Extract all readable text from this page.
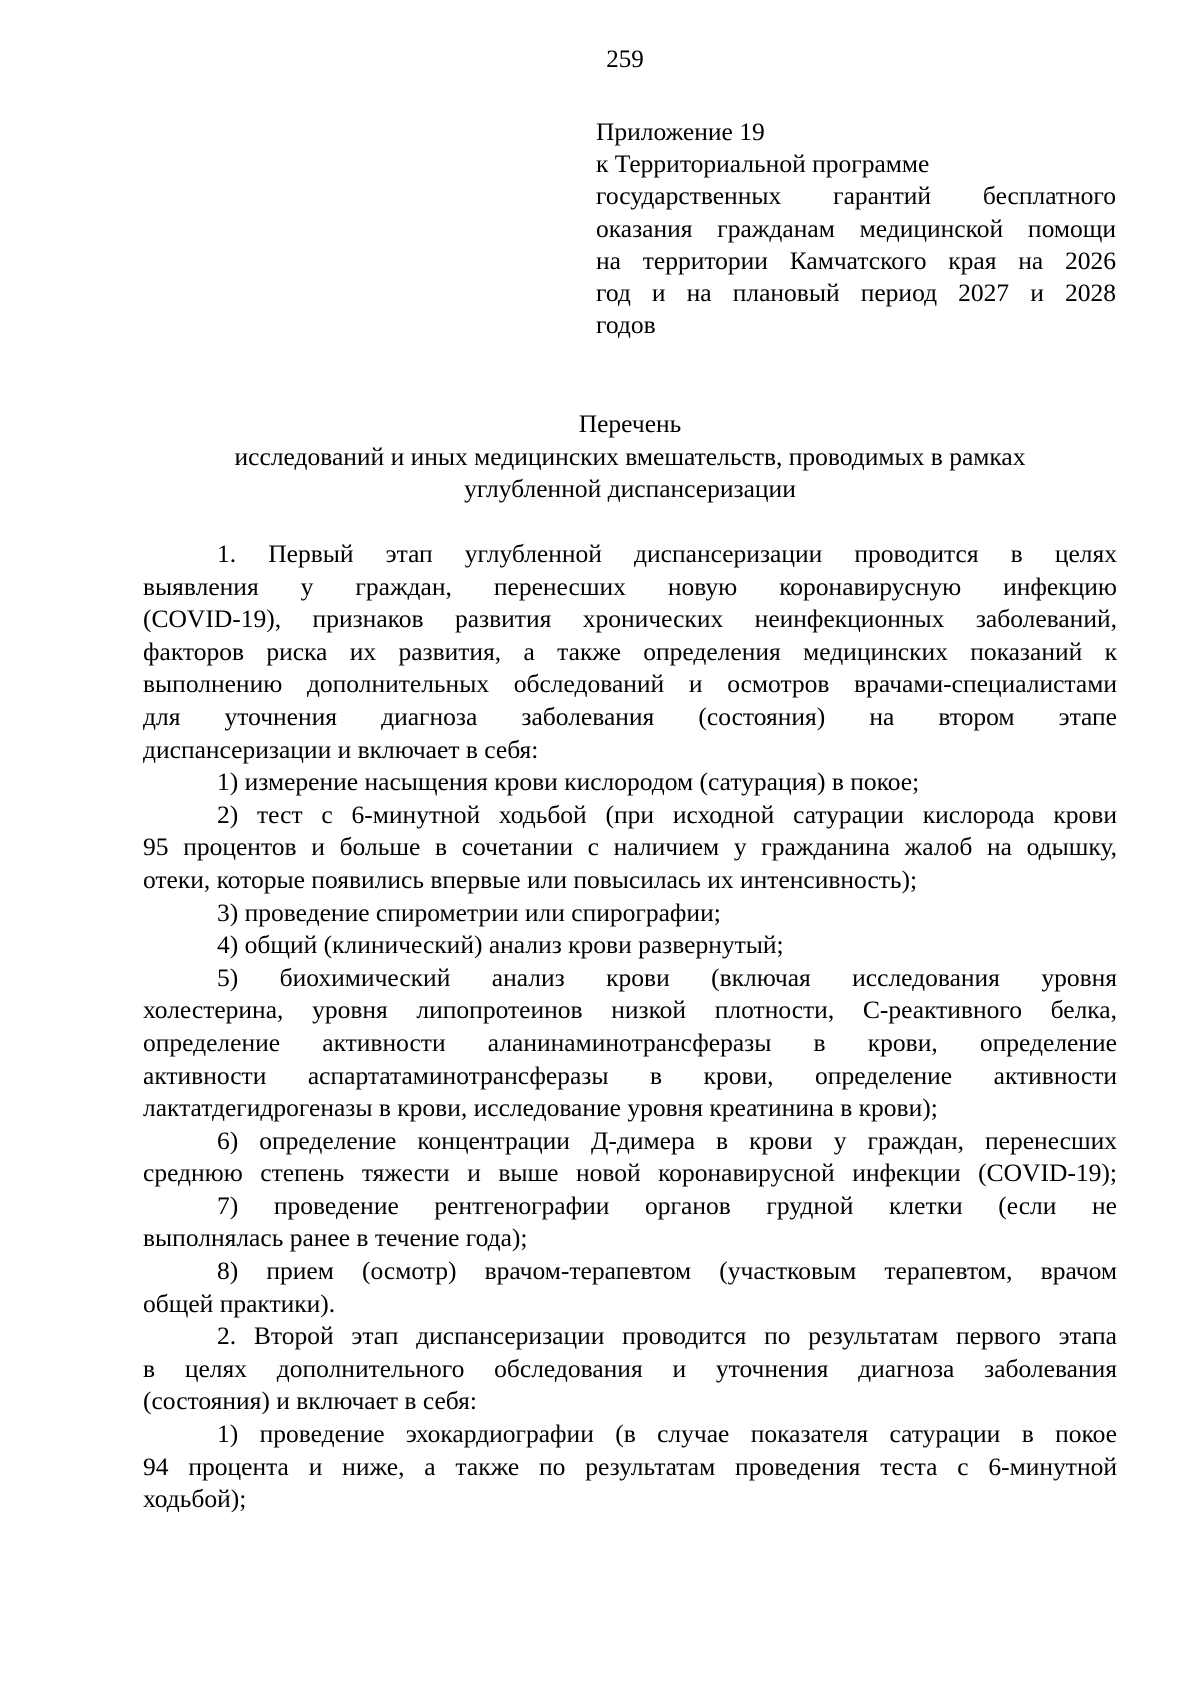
259
Приложение 19
к Территориальной программе
государственных гарантий бесплатного
оказания гражданам медицинской помощи
на территории Камчатского края на 2026
год и на плановый период 2027 и 2028
годов
Перечень
исследований и иных медицинских вмешательств, проводимых в рамках
углубленной диспансеризации
1. Первый этап углубленной диспансеризации проводится в целях
выявления у граждан, перенесших новую коронавирусную инфекцию
(COVID-19), признаков развития хронических неинфекционных заболеваний,
факторов риска их развития, а также определения медицинских показаний к
выполнению дополнительных обследований и осмотров врачами-специалистами
для уточнения диагноза заболевания (состояния) на втором этапе
диспансеризации и включает в себя:
1) измерение насыщения крови кислородом (сатурация) в покое;
2) тест с 6-минутной ходьбой (при исходной сатурации кислорода крови
95 процентов и больше в сочетании с наличием у гражданина жалоб на одышку,
отеки, которые появились впервые или повысилась их интенсивность);
3) проведение спирометрии или спирографии;
4) общий (клинический) анализ крови развернутый;
5) биохимический анализ крови (включая исследования уровня
холестерина, уровня липопротеинов низкой плотности, С-реактивного белка,
определение активности аланинаминотрансферазы в крови, определение
активности аспартатаминотрансферазы в крови, определение активности
лактатдегидрогеназы в крови, исследование уровня креатинина в крови);
6) определение концентрации Д-димера в крови у граждан, перенесших
среднюю степень тяжести и выше новой коронавирусной инфекции (COVID-19);
7) проведение рентгенографии органов грудной клетки (если не
выполнялась ранее в течение года);
8) прием (осмотр) врачом-терапевтом (участковым терапевтом, врачом
общей практики).
2. Второй этап диспансеризации проводится по результатам первого этапа
в целях дополнительного обследования и уточнения диагноза заболевания
(состояния) и включает в себя:
1) проведение эхокардиографии (в случае показателя сатурации в покое
94 процента и ниже, а также по результатам проведения теста с 6-минутной
ходьбой);
